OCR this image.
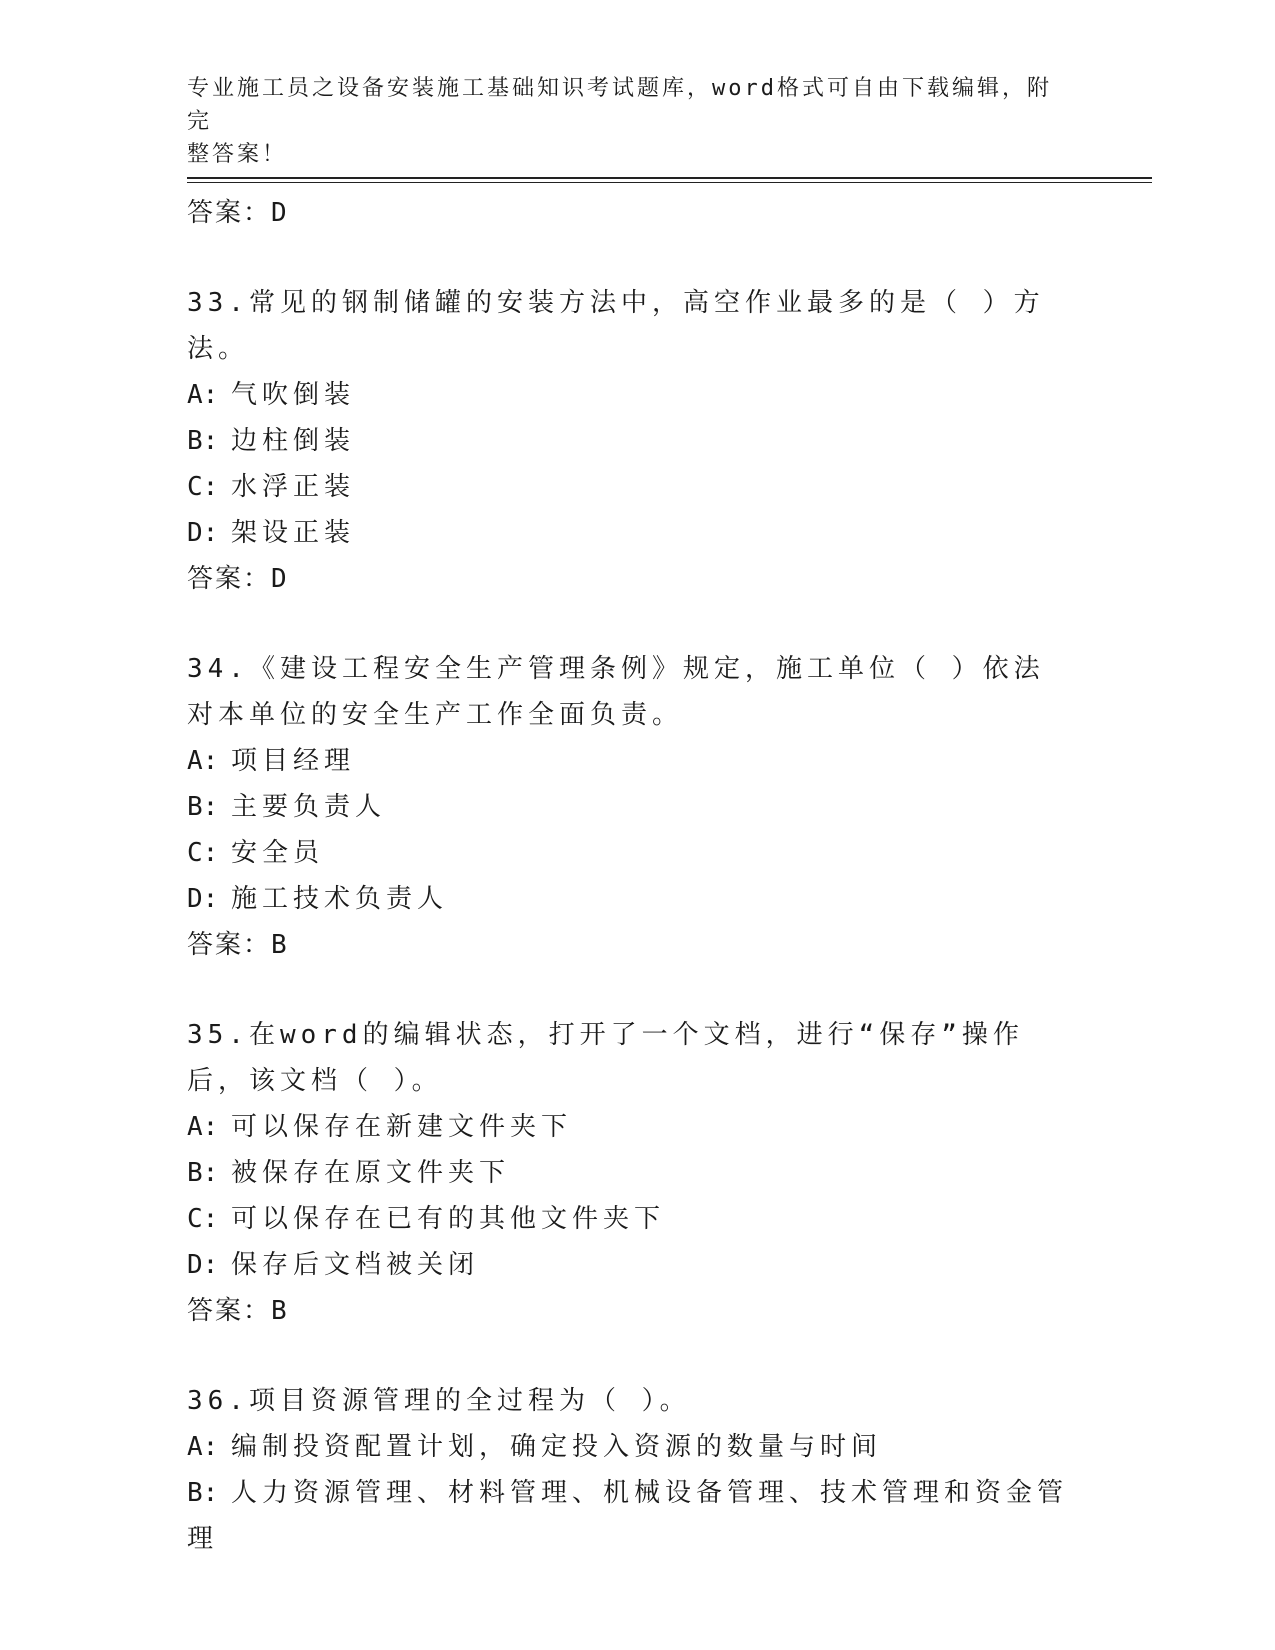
专业施工员之设备安装施工基础知识考试题库，word格式可自由下载编辑，附完
整答案！
答案：D
33.常见的钢制储罐的安装方法中，高空作业最多的是（ ）方法。
A: 气吹倒装
B: 边柱倒装
C: 水浮正装
D: 架设正装
答案：D
34.《建设工程安全生产管理条例》规定，施工单位（ ）依法对本单位的安全生产工作全面负责。
A: 项目经理
B: 主要负责人
C: 安全员
D: 施工技术负责人
答案：B
35.在word的编辑状态，打开了一个文档，进行“保存”操作后，该文档（ ）。
A: 可以保存在新建文件夹下
B: 被保存在原文件夹下
C: 可以保存在已有的其他文件夹下
D: 保存后文档被关闭
答案：B
36.项目资源管理的全过程为（ ）。
A: 编制投资配置计划，确定投入资源的数量与时间
B: 人力资源管理、材料管理、机械设备管理、技术管理和资金管理
